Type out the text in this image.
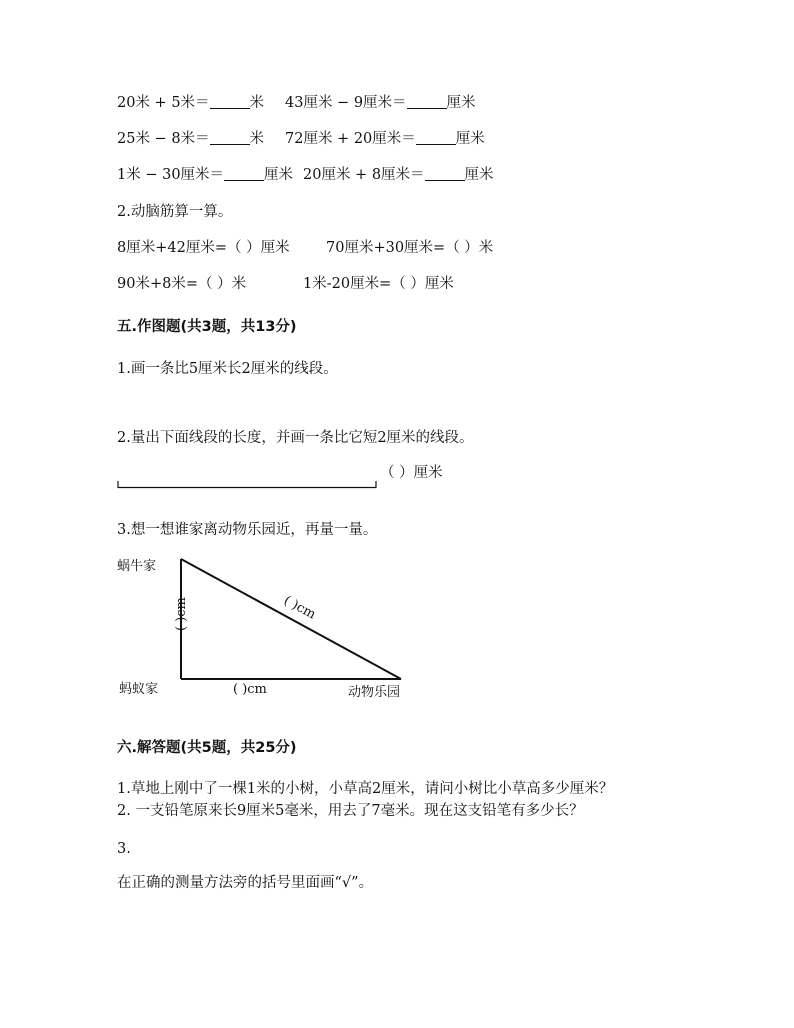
20米 + 5米＝	米 43厘米 − 9厘米＝	厘米
25米 − 8米＝	米 72厘米 + 20厘米＝	厘米
1米 − 30厘米＝	厘米 20厘米 + 8厘米＝	厘米
2.动脑筋算一算。
8厘米+42厘米=（ ）厘米	70厘米+30厘米=（ ）米
90米+8米=（ ）米	1米-20厘米=（ ）厘米
五.作图题(共3题，共13分)
1.画一条比5厘米长2厘米的线段。
2.量出下面线段的长度，并画一条比它短2厘米的线段。
（ ）厘米
3.想一想谁家离动物乐园近，再量一量。
蜗牛家
蚂蚁家	动物乐园
( )cm
( )cm
( )cm
六.解答题(共5题，共25分)
1.草地上刚中了一棵1米的小树，小草高2厘米，请问小树比小草高多少厘米？
2. 一支铅笔原来长9厘米5毫米，用去了7毫米。现在这支铅笔有多少长？
3.
在正确的测量方法旁的括号里面画“√”。
